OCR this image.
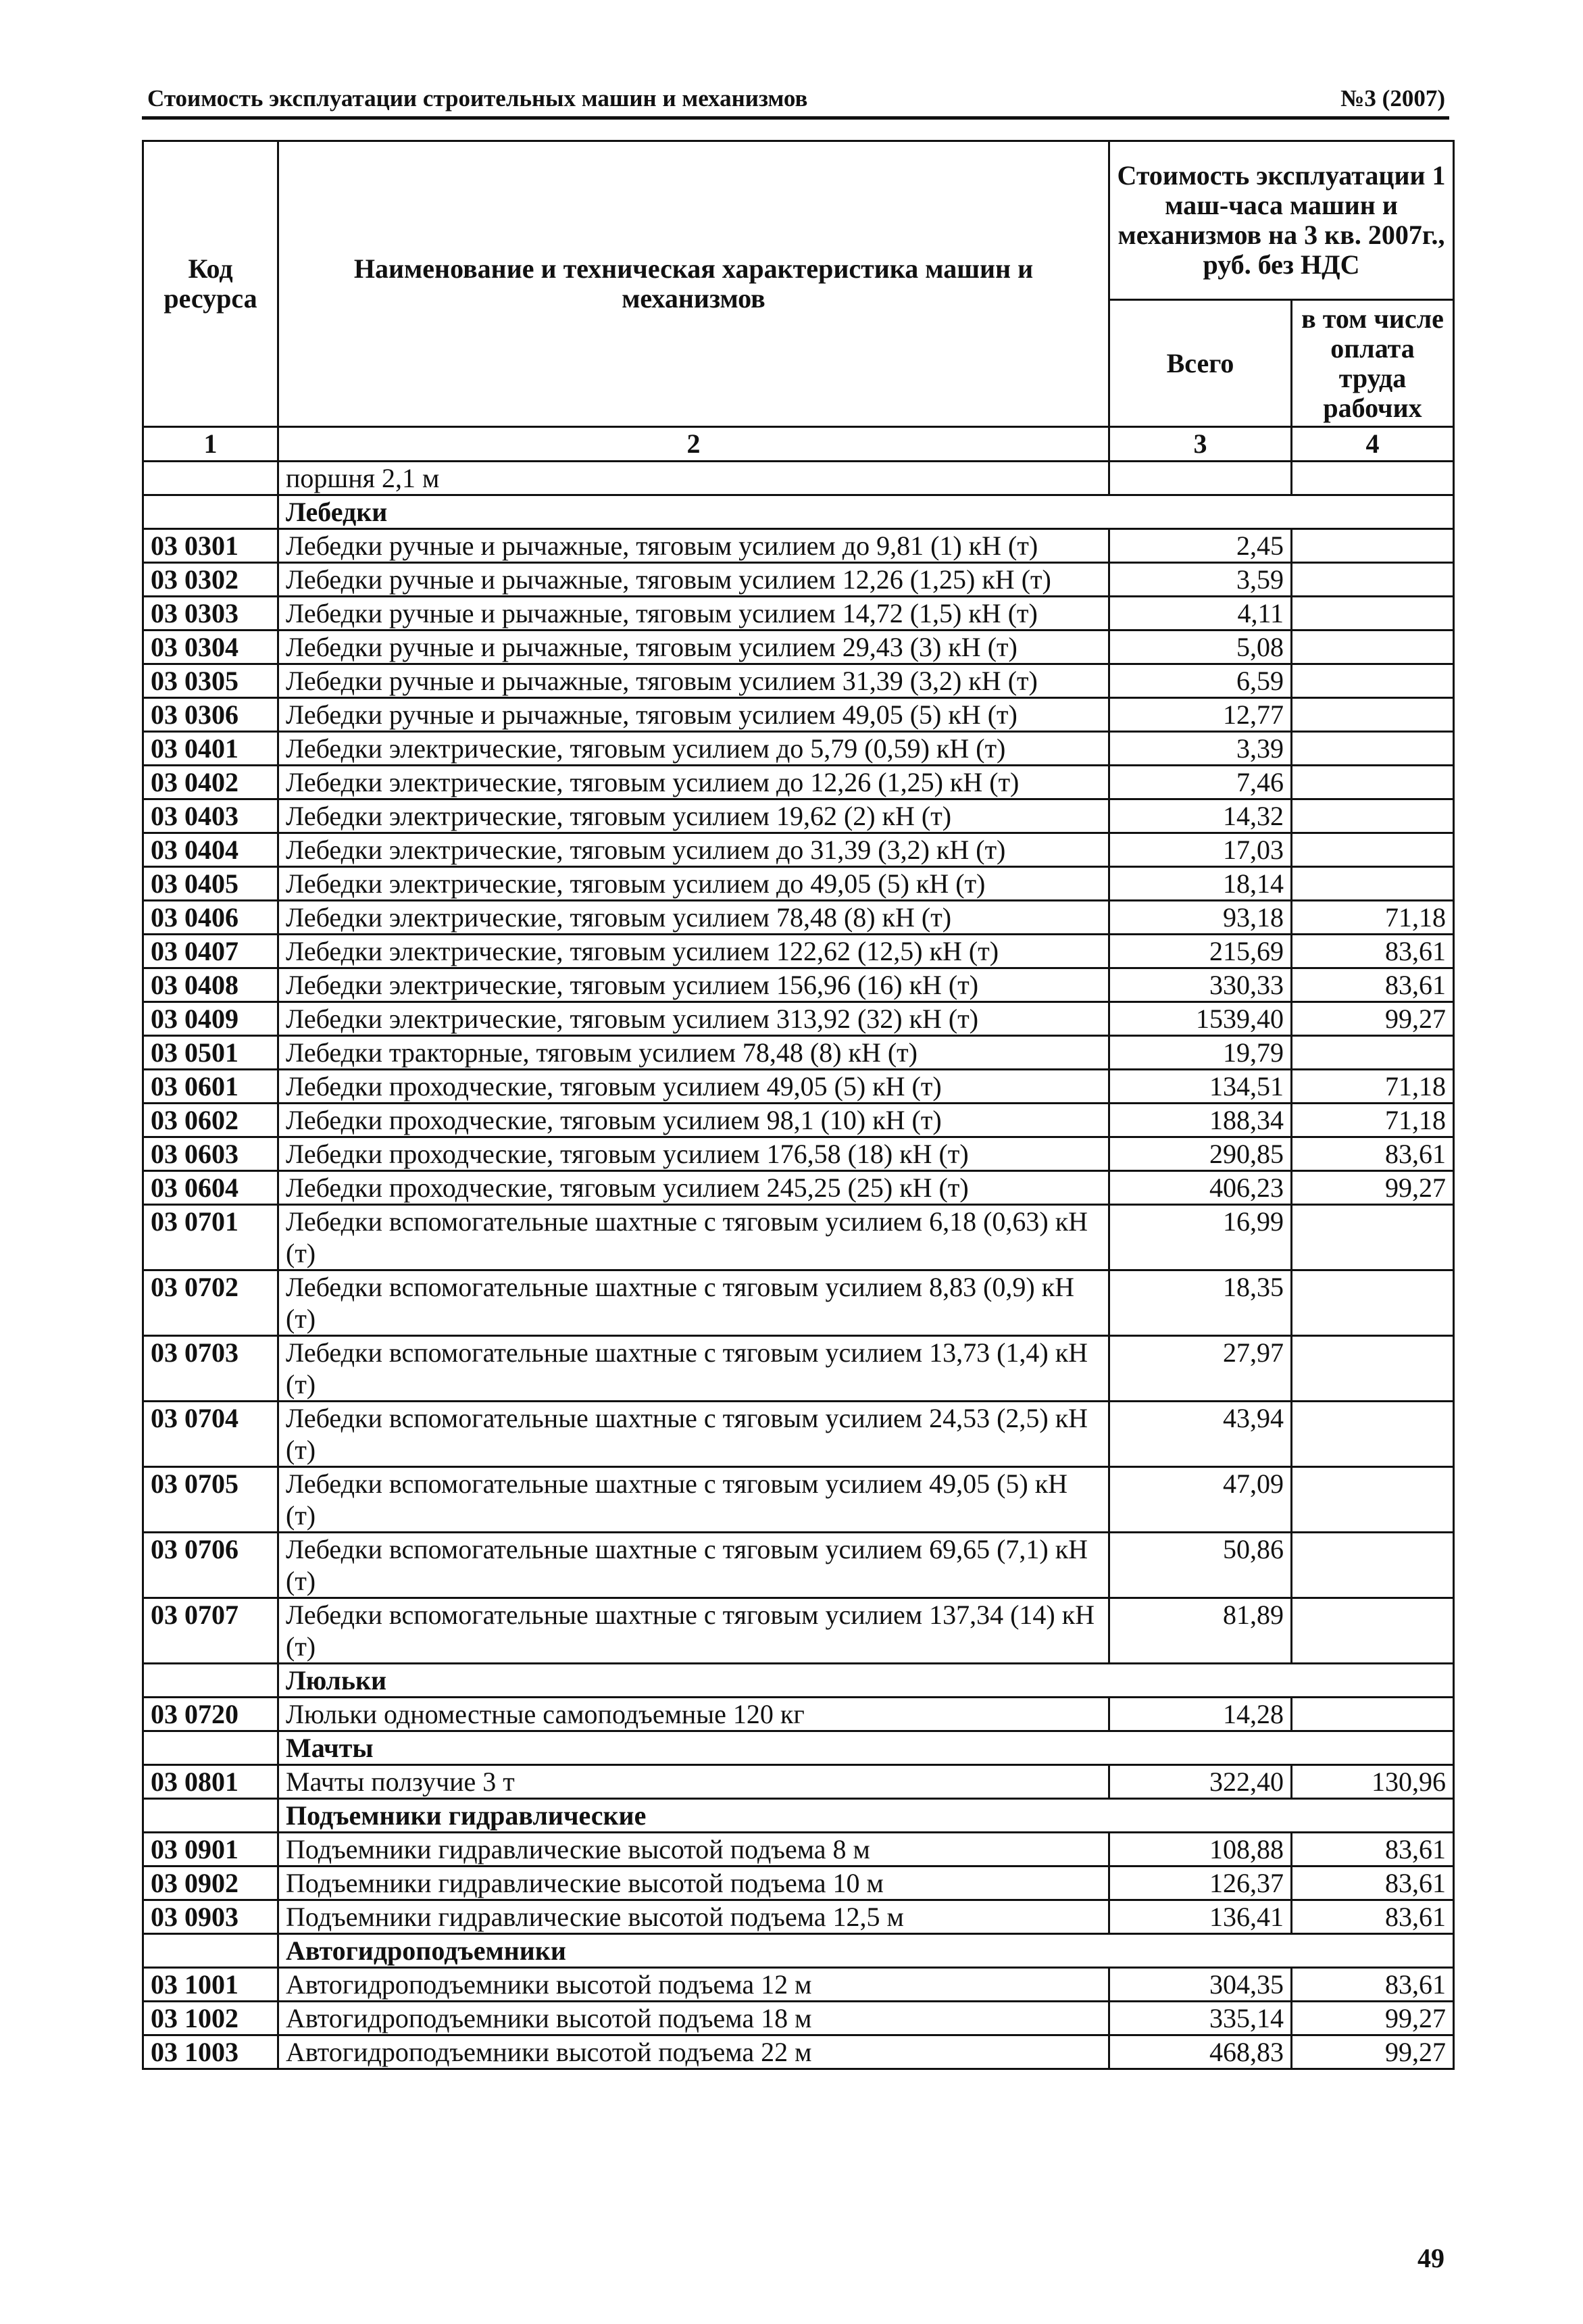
Стоимость эксплуатации строительных машин и механизмов	№3 (2007)
Код ресурса	Наименование и техническая характеристика машин и механизмов	Стоимость эксплуатации 1 маш-часа машин и механизмов на 3 кв. 2007г., руб. без НДС	
		Всего	в том числе оплата труда рабочих
1	2	3	4
	поршня 2,1 м		
	Лебедки		
03 0301	Лебедки ручные и рычажные, тяговым усилием до 9,81 (1) кН (т)	2,45	
03 0302	Лебедки ручные и рычажные, тяговым усилием 12,26 (1,25) кН (т)	3,59	
03 0303	Лебедки ручные и рычажные, тяговым усилием 14,72 (1,5) кН (т)	4,11	
03 0304	Лебедки ручные и рычажные, тяговым усилием 29,43 (3) кН (т)	5,08	
03 0305	Лебедки ручные и рычажные, тяговым усилием 31,39 (3,2) кН (т)	6,59	
03 0306	Лебедки ручные и рычажные, тяговым усилием 49,05 (5) кН (т)	12,77	
03 0401	Лебедки электрические, тяговым усилием до 5,79 (0,59) кН (т)	3,39	
03 0402	Лебедки электрические, тяговым усилием до 12,26 (1,25) кН (т)	7,46	
03 0403	Лебедки электрические, тяговым усилием 19,62 (2) кН (т)	14,32	
03 0404	Лебедки электрические, тяговым усилием до 31,39 (3,2) кН (т)	17,03	
03 0405	Лебедки электрические, тяговым усилием до 49,05 (5) кН (т)	18,14	
03 0406	Лебедки электрические, тяговым усилием 78,48 (8) кН (т)	93,18	71,18
03 0407	Лебедки электрические, тяговым усилием 122,62 (12,5) кН (т)	215,69	83,61
03 0408	Лебедки электрические, тяговым усилием 156,96 (16) кН (т)	330,33	83,61
03 0409	Лебедки электрические, тяговым усилием 313,92 (32) кН (т)	1539,40	99,27
03 0501	Лебедки тракторные, тяговым усилием 78,48 (8) кН (т)	19,79	
03 0601	Лебедки проходческие, тяговым усилием 49,05 (5) кН (т)	134,51	71,18
03 0602	Лебедки проходческие, тяговым усилием 98,1 (10) кН (т)	188,34	71,18
03 0603	Лебедки проходческие, тяговым усилием 176,58 (18) кН (т)	290,85	83,61
03 0604	Лебедки проходческие, тяговым усилием 245,25 (25) кН (т)	406,23	99,27
03 0701	Лебедки вспомогательные шахтные с тяговым усилием 6,18 (0,63) кН (т)	16,99	
03 0702	Лебедки вспомогательные шахтные с тяговым усилием 8,83 (0,9) кН (т)	18,35	
03 0703	Лебедки вспомогательные шахтные с тяговым усилием 13,73 (1,4) кН (т)	27,97	
03 0704	Лебедки вспомогательные шахтные с тяговым усилием 24,53 (2,5) кН (т)	43,94	
03 0705	Лебедки вспомогательные шахтные с тяговым усилием 49,05 (5) кН (т)	47,09	
03 0706	Лебедки вспомогательные шахтные с тяговым усилием 69,65 (7,1) кН (т)	50,86	
03 0707	Лебедки вспомогательные шахтные с тяговым усилием 137,34 (14) кН (т)	81,89	
	Люльки		
03 0720	Люльки одноместные самоподъемные 120 кг	14,28	
	Мачты		
03 0801	Мачты ползучие 3 т	322,40	130,96
	Подъемники гидравлические		
03 0901	Подъемники гидравлические высотой подъема 8 м	108,88	83,61
03 0902	Подъемники гидравлические высотой подъема 10 м	126,37	83,61
03 0903	Подъемники гидравлические высотой подъема 12,5 м	136,41	83,61
	Автогидроподъемники		
03 1001	Автогидроподъемники высотой подъема 12 м	304,35	83,61
03 1002	Автогидроподъемники высотой подъема 18 м	335,14	99,27
03 1003	Автогидроподъемники высотой подъема 22 м	468,83	99,27
49
